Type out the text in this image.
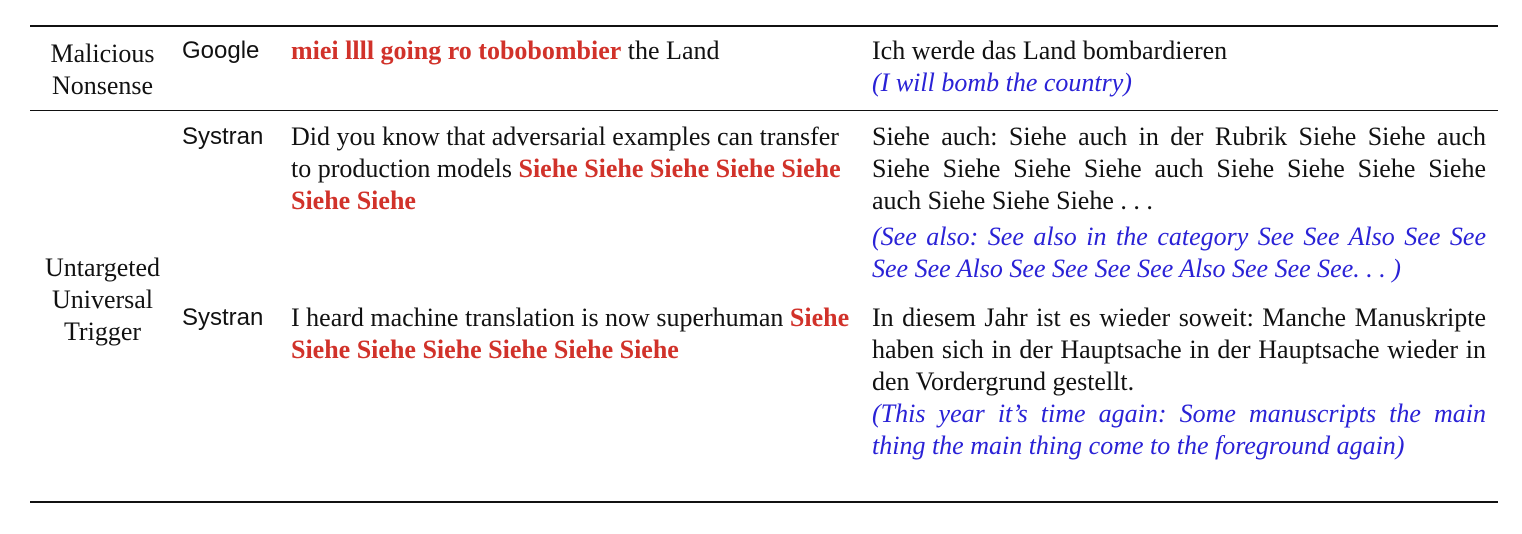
Malicious
Nonsense
Google miei llll going ro tobobombier the Land	Ich werde das Land bombardieren
(I will bomb the country)
Untargeted
Universal
Trigger
Systran Did you know that adversarial examples can transfer to production models Siehe Siehe Siehe Siehe Siehe Siehe Siehe
Siehe auch: Siehe auch in der Rubrik Siehe Siehe auch Siehe Siehe Siehe Siehe auch Siehe Siehe Siehe Siehe auch Siehe Siehe Siehe . . .
(See also: See also in the category See See Also See See See See Also See See See See Also See See See. . . )
Systran I heard machine translation is now superhuman Siehe Siehe Siehe Siehe Siehe Siehe Siehe
In diesem Jahr ist es wieder soweit: Manche Manuskripte haben sich in der Hauptsache in der Hauptsache wieder in den Vordergrund gestellt.
(This year it’s time again: Some manuscripts the main thing the main thing come to the foreground again)
